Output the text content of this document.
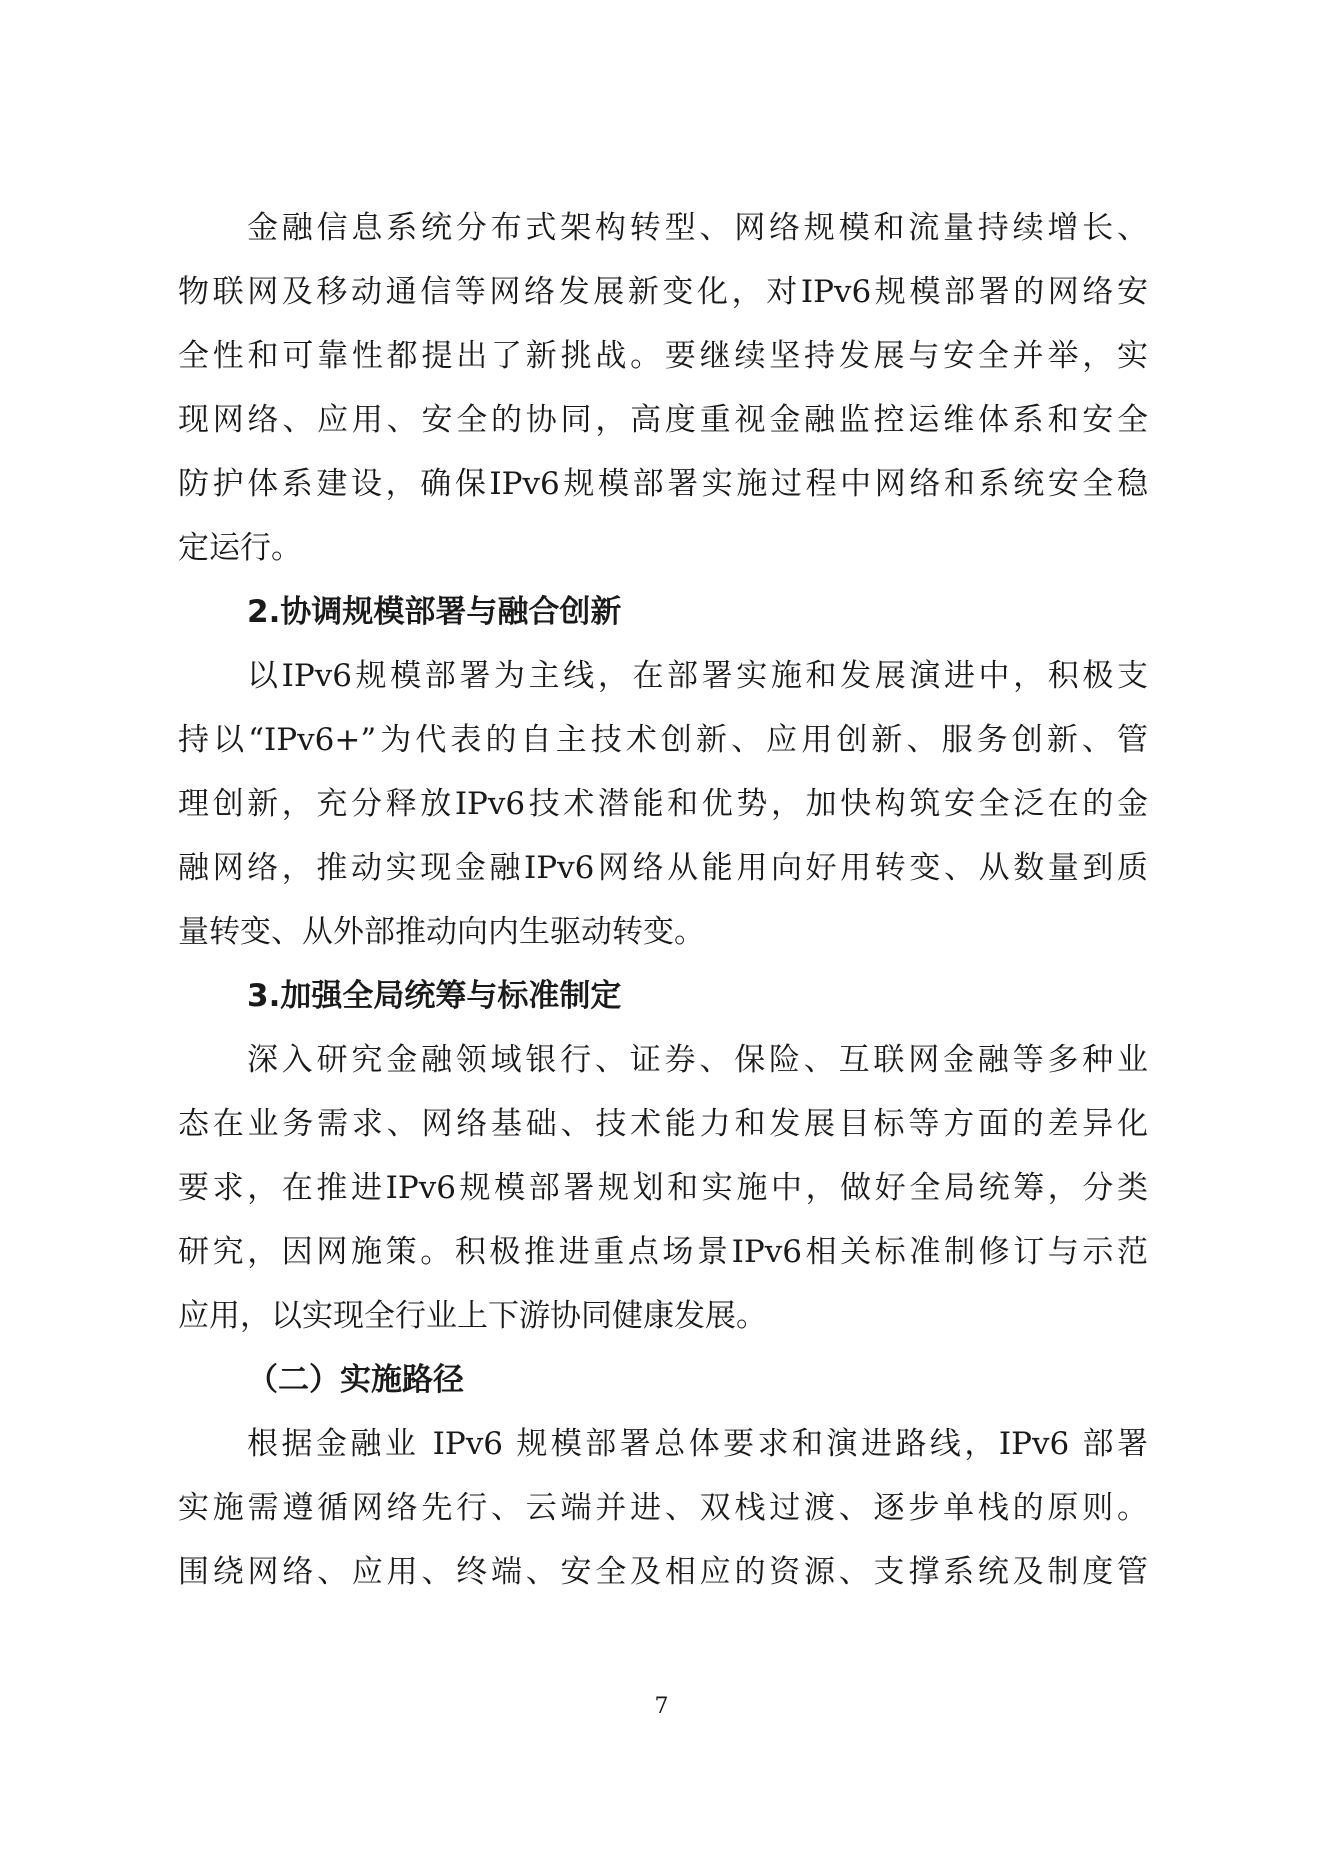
金融信息系统分布式架构转型、网络规模和流量持续增长、
物联网及移动通信等网络发展新变化，对IPv6规模部署的网络安
全性和可靠性都提出了新挑战。要继续坚持发展与安全并举，实
现网络、应用、安全的协同，高度重视金融监控运维体系和安全
防护体系建设，确保IPv6规模部署实施过程中网络和系统安全稳
定运行。
2.协调规模部署与融合创新
以IPv6规模部署为主线，在部署实施和发展演进中，积极支
持以“IPv6+”为代表的自主技术创新、应用创新、服务创新、管
理创新，充分释放IPv6技术潜能和优势，加快构筑安全泛在的金
融网络，推动实现金融IPv6网络从能用向好用转变、从数量到质
量转变、从外部推动向内生驱动转变。
3.加强全局统筹与标准制定
深入研究金融领域银行、证券、保险、互联网金融等多种业
态在业务需求、网络基础、技术能力和发展目标等方面的差异化
要求，在推进IPv6规模部署规划和实施中，做好全局统筹，分类
研究，因网施策。积极推进重点场景IPv6相关标准制修订与示范
应用，以实现全行业上下游协同健康发展。
（二）实施路径
根据金融业 IPv6 规模部署总体要求和演进路线，IPv6 部署
实施需遵循网络先行、云端并进、双栈过渡、逐步单栈的原则。
围绕网络、应用、终端、安全及相应的资源、支撑系统及制度管
7
